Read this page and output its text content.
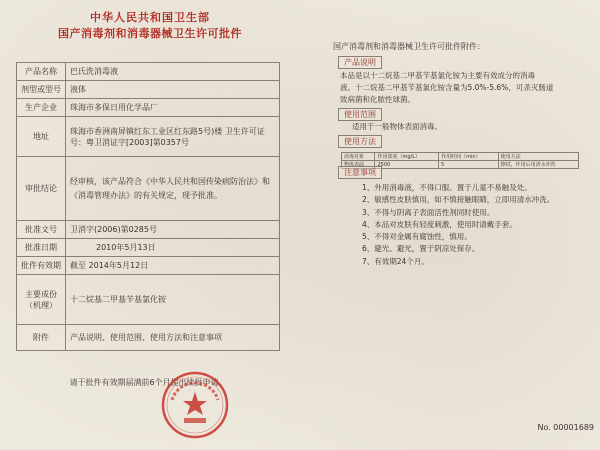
中华人民共和国卫生部
国产消毒剂和消毒器械卫生许可批件
产品名称	巴氏洗消毒液
剂型或型号	液体
生产企业	珠海市多保日用化学品厂
地址	珠海市香洲南屏镇红东工业区红东路5号)楼 卫生许可证号：粤卫消证字[2003]第0357号
审批结论	经审核，该产品符合《中华人民共和国传染病防治法》和《消毒管理办法》的有关规定，现予批准。
批准文号	卫消字(2006)第0285号
批准日期	2010年5月13日
批件有效期	截至 2014年5月12日
主要成份（机理）	十二烷基二甲基苄基氯化铵
附件	产品说明、使用范围、使用方法和注意事项
请于批件有效期届满前6个月提出续批申请。
国产消毒剂和消毒器械卫生许可批件附件：
产品说明
本品是以十二烷基二甲基苄基氯化铵为主要有效成分的消毒
液。十二烷基二甲基苄基氯化铵含量为5.0%-5.6%，可杀灭肠道
致病菌和化脓性球菌。
使用范围
适用于一般物体表面消毒。
使用方法
消毒对象	作用浓度（mg/L）	作用时间（min）	使用方法
物体表面	2500	5	擦拭，作用后用清水冲洗
注意事项
1、外用消毒液，不得口服。置于儿童不易触及处。
2、敏感性皮肤慎用，如不慎接触眼睛，立即用清水冲洗。
3、不得与阴离子表面活性剂同时使用。
4、本品对皮肤有轻度刺激，使用时请戴手套。
5、不得对金属有腐蚀性，慎用。
6、避光、避光，置于阴凉处保存。
7、有效期24个月。
No. 00001689
